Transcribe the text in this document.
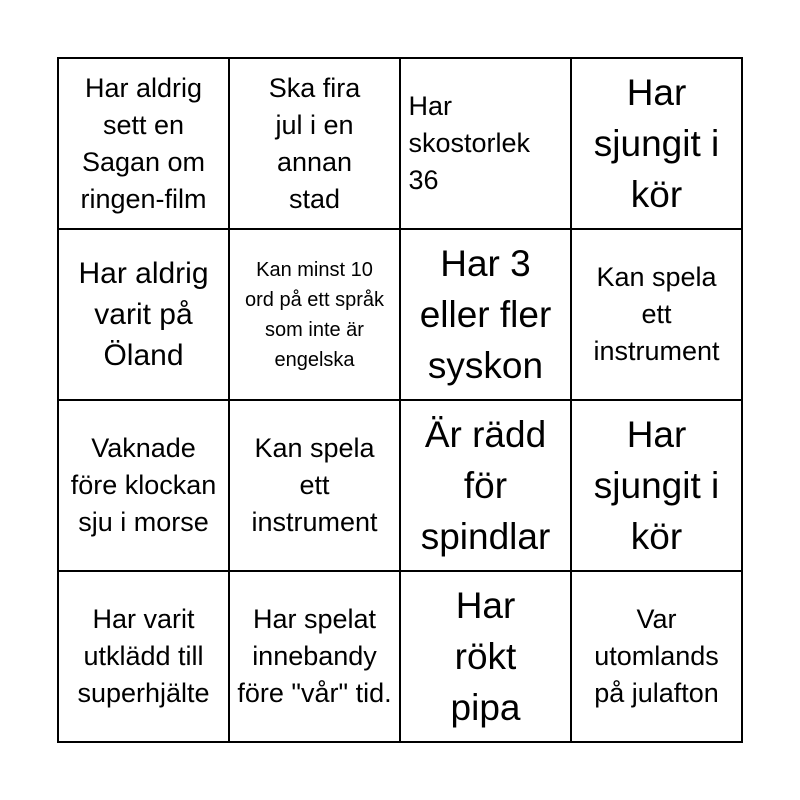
Har aldrig sett en Sagan om ringen-film
Ska fira jul i en annan stad
Har skostorlek 36
Har sjungit i kör
Har aldrig varit på Öland
Kan minst 10 ord på ett språk som inte är engelska
Har 3 eller fler syskon
Kan spela ett instrument
Vaknade före klockan sju i morse
Kan spela ett instrument
Är rädd för spindlar
Har sjungit i kör
Har varit utklädd till superhjälte
Har spelat innebandy före "vår" tid.
Har rökt pipa
Var utomlands på julafton
